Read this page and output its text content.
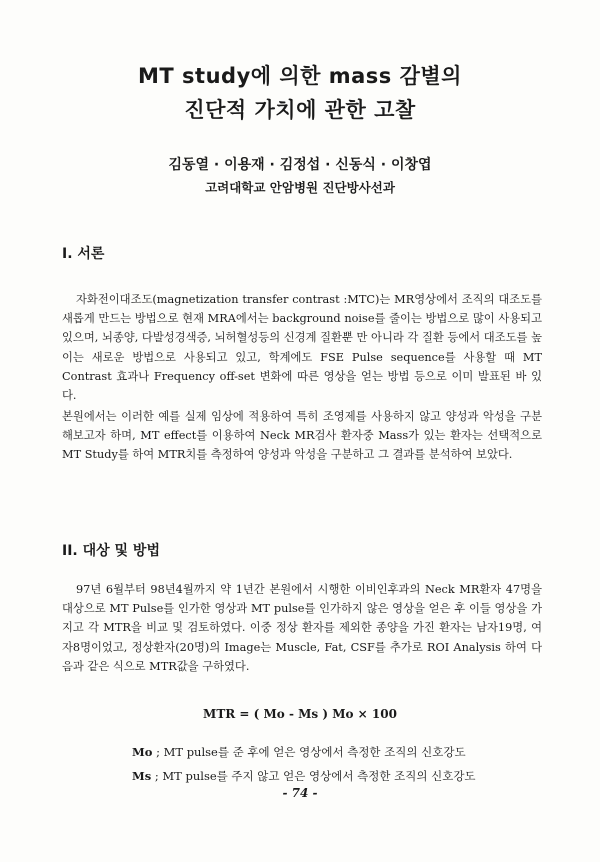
MT study에 의한 mass 감별의
진단적 가치에 관한 고찰
김동열 · 이용재 · 김정섭 · 신동식 · 이창엽
고려대학교 안암병원 진단방사선과
I. 서론

자화전이대조도(magnetization transfer contrast :MTC)는 MR영상에서 조직의 대조도를 새롭게 만드는 방법으로 현재 MRA에서는 background noise를 줄이는 방법으로 많이 사용되고 있으며, 뇌종양, 다발성경색증, 뇌허혈성등의 신경계 질환뿐 만 아니라 각 질환 등에서 대조도를 높이는 새로운 방법으로 사용되고 있고, 학계에도 FSE Pulse sequence를 사용할 때 MT Contrast 효과나 Frequency off-set 변화에 따른 영상을 얻는 방법 등으로 이미 발표된 바 있다.

본원에서는 이러한 예를 실제 임상에 적용하여 특히 조영제를 사용하지 않고 양성과 악성을 구분 해보고자 하며, MT effect를 이용하여 Neck MR검사 환자중 Mass가 있는 환자는 선택적으로 MT Study를 하여 MTR치를 측정하여 양성과 악성을 구분하고 그 결과를 분석하여 보았다.

II. 대상 및 방법

97년 6월부터 98년4월까지 약 1년간 본원에서 시행한 이비인후과의 Neck MR환자 47명을 대상으로 MT Pulse를 인가한 영상과 MT pulse를 인가하지 않은 영상을 얻은 후 이들 영상을 가지고 각 MTR을 비교 및 검토하였다. 이중 정상 환자를 제외한 종양을 가진 환자는 남자19명, 여자8명이었고, 정상환자(20명)의 Image는 Muscle, Fat, CSF를 추가로 ROI Analysis 하여 다음과 같은 식으로 MTR값을 구하였다.

MTR = ( Mo - Ms ) Mo × 100
Mo ; MT pulse를 준 후에 얻은 영상에서 측정한 조직의 신호강도
Ms ; MT pulse를 주지 않고 얻은 영상에서 측정한 조직의 신호강도
- 74 -
